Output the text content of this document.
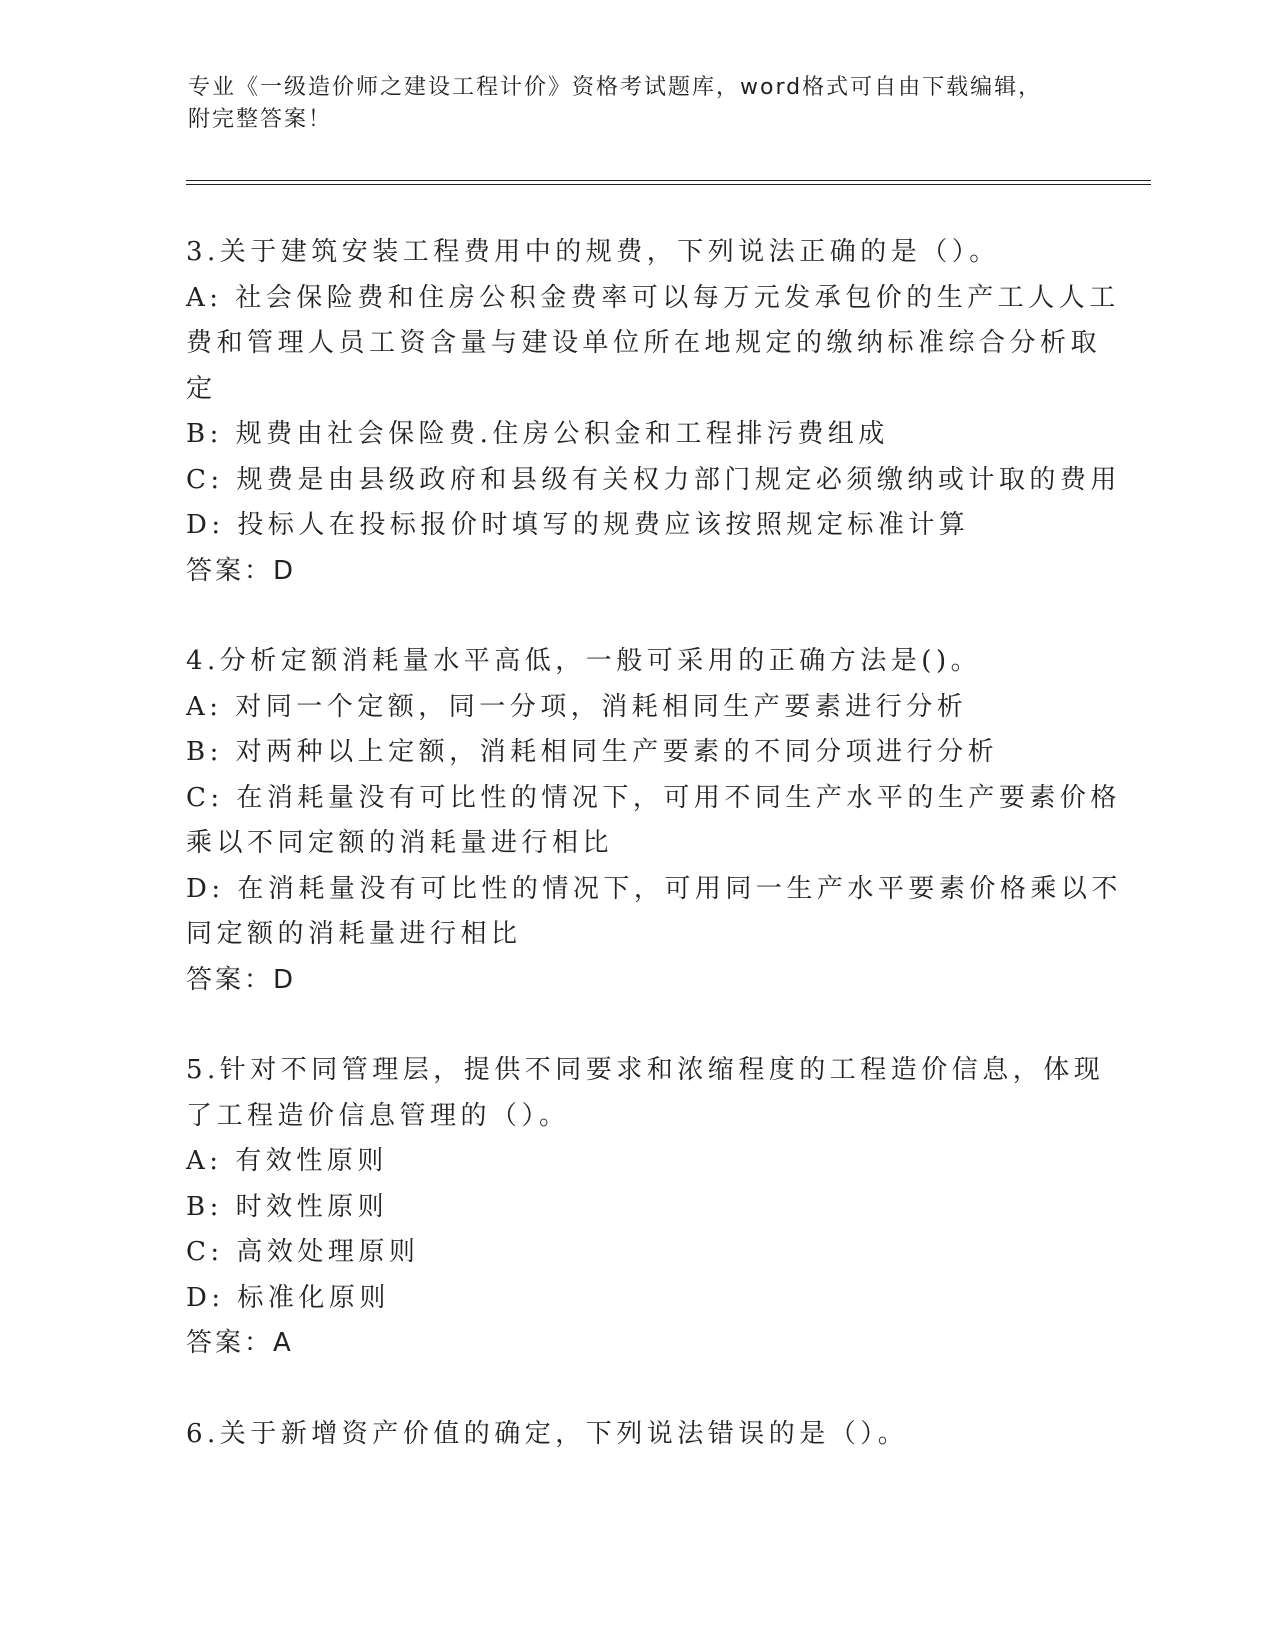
专业《一级造价师之建设工程计价》资格考试题库，word格式可自由下载编辑，
附完整答案！
3.关于建筑安装工程费用中的规费，下列说法正确的是（）。
A: 社会保险费和住房公积金费率可以每万元发承包价的生产工人人工
费和管理人员工资含量与建设单位所在地规定的缴纳标准综合分析取
定
B: 规费由社会保险费.住房公积金和工程排污费组成
C: 规费是由县级政府和县级有关权力部门规定必须缴纳或计取的费用
D: 投标人在投标报价时填写的规费应该按照规定标准计算
答案：D
4.分析定额消耗量水平高低，一般可采用的正确方法是()。
A: 对同一个定额，同一分项，消耗相同生产要素进行分析
B: 对两种以上定额，消耗相同生产要素的不同分项进行分析
C: 在消耗量没有可比性的情况下，可用不同生产水平的生产要素价格
乘以不同定额的消耗量进行相比
D: 在消耗量没有可比性的情况下，可用同一生产水平要素价格乘以不
同定额的消耗量进行相比
答案：D
5.针对不同管理层，提供不同要求和浓缩程度的工程造价信息，体现
了工程造价信息管理的（）。
A: 有效性原则
B: 时效性原则
C: 高效处理原则
D: 标准化原则
答案：A
6.关于新增资产价值的确定，下列说法错误的是（）。
